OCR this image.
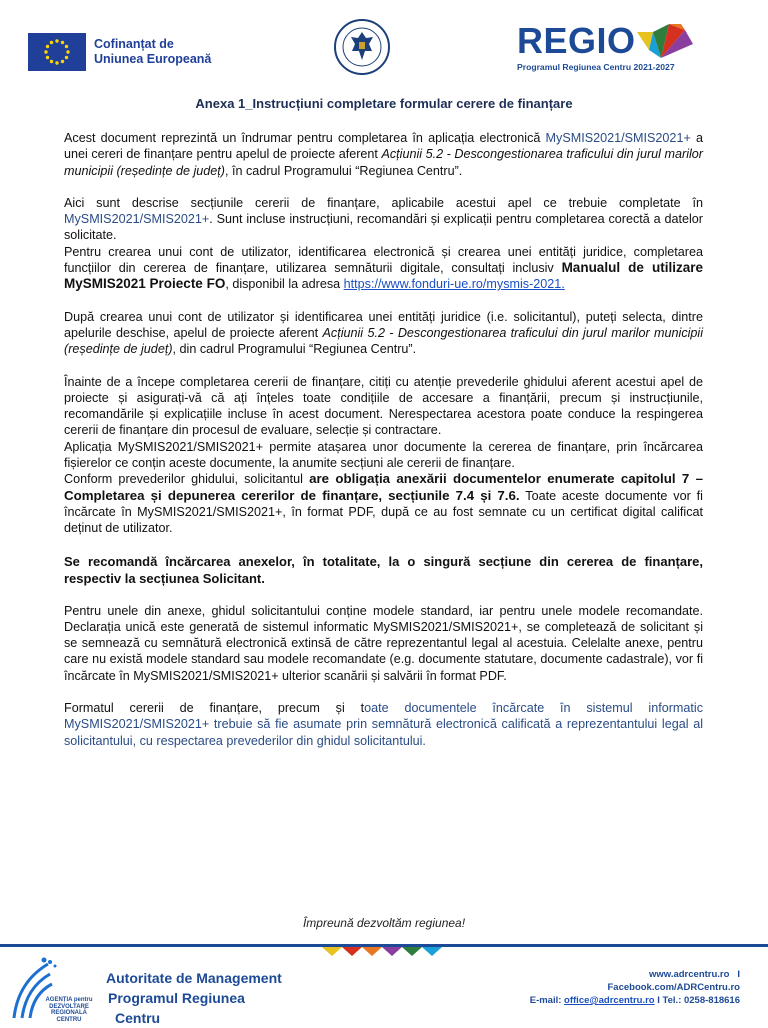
Cofinanțat de
Uniunea Europeană	REGIO
Programul Regiunea Centru 2021-2027
Anexa 1_Instrucțiuni completare formular cerere de finanțare

Acest document reprezintă un îndrumar pentru completarea în aplicația electronică MySMIS2021/SMIS2021+ a unei cereri de finanțare pentru apelul de proiecte aferent Acțiunii 5.2 - Descongestionarea traficului din jurul marilor municipii (reședințe de județ), în cadrul Programului “Regiunea Centru”.

Aici sunt descrise secțiunile cererii de finanțare, aplicabile acestui apel ce trebuie completate în MySMIS2021/SMIS2021+. Sunt incluse instrucțiuni, recomandări și explicații pentru completarea corectă a datelor solicitate.

Pentru crearea unui cont de utilizator, identificarea electronică și crearea unei entități juridice, completarea funcțiilor din cererea de finanțare, utilizarea semnăturii digitale, consultați inclusiv Manualul de utilizare MySMIS2021 Proiecte FO, disponibil la adresa https://www.fonduri-ue.ro/mysmis-2021.

După crearea unui cont de utilizator și identificarea unei entități juridice (i.e. solicitantul), puteți selecta, dintre apelurile deschise, apelul de proiecte aferent Acțiunii 5.2 - Descongestionarea traficului din jurul marilor municipii (reședințe de județ), din cadrul Programului “Regiunea Centru”.

Înainte de a începe completarea cererii de finanțare, citiți cu atenție prevederile ghidului aferent acestui apel de proiecte și asigurați-vă că ați înțeles toate condițiile de accesare a finanțării, precum și instrucțiunile, recomandările și explicațiile incluse în acest document. Nerespectarea acestora poate conduce la respingerea cererii de finanțare din procesul de evaluare, selecție și contractare.

Aplicația MySMIS2021/SMIS2021+ permite atașarea unor documente la cererea de finanțare, prin încărcarea fișierelor ce conțin aceste documente, la anumite secțiuni ale cererii de finanțare.

Conform prevederilor ghidului, solicitantul are obligația anexării documentelor enumerate capitolul 7 – Completarea și depunerea cererilor de finanțare, secțiunile 7.4 și 7.6. Toate aceste documente vor fi încărcate în MySMIS2021/SMIS2021+, în format PDF, după ce au fost semnate cu un certificat digital calificat deținut de utilizator.

Se recomandă încărcarea anexelor, în totalitate, la o singură secțiune din cererea de finanțare, respectiv la secțiunea Solicitant.

Pentru unele din anexe, ghidul solicitantului conține modele standard, iar pentru unele modele recomandate. Declarația unică este generată de sistemul informatic MySMIS2021/SMIS2021+, se completează de solicitant și se semnează cu semnătură electronică extinsă de către reprezentantul legal al acestuia. Celelalte anexe, pentru care nu există modele standard sau modele recomandate (e.g. documente statutare, documente cadastrale), vor fi încărcate în MySMIS2021/SMIS2021+ ulterior scanării și salvării în format PDF.

Formatul cererii de finanțare, precum și toate documentele încărcate în sistemul informatic MySMIS2021/SMIS2021+ trebuie să fie asumate prin semnătură electronică calificată a reprezentantului legal al solicitantului, cu respectarea prevederilor din ghidul solicitantului.

Împreună dezvoltăm regiunea!
AGENȚIA pentru DEZVOLTARE REGIONALĂ CENTRU
Autoritate de Management
Programul Regiunea
Centru
www.adrcentru.ro I
Facebook.com/ADRCentru.ro
E-mail: office@adrcentru.ro I Tel.: 0258-818616
